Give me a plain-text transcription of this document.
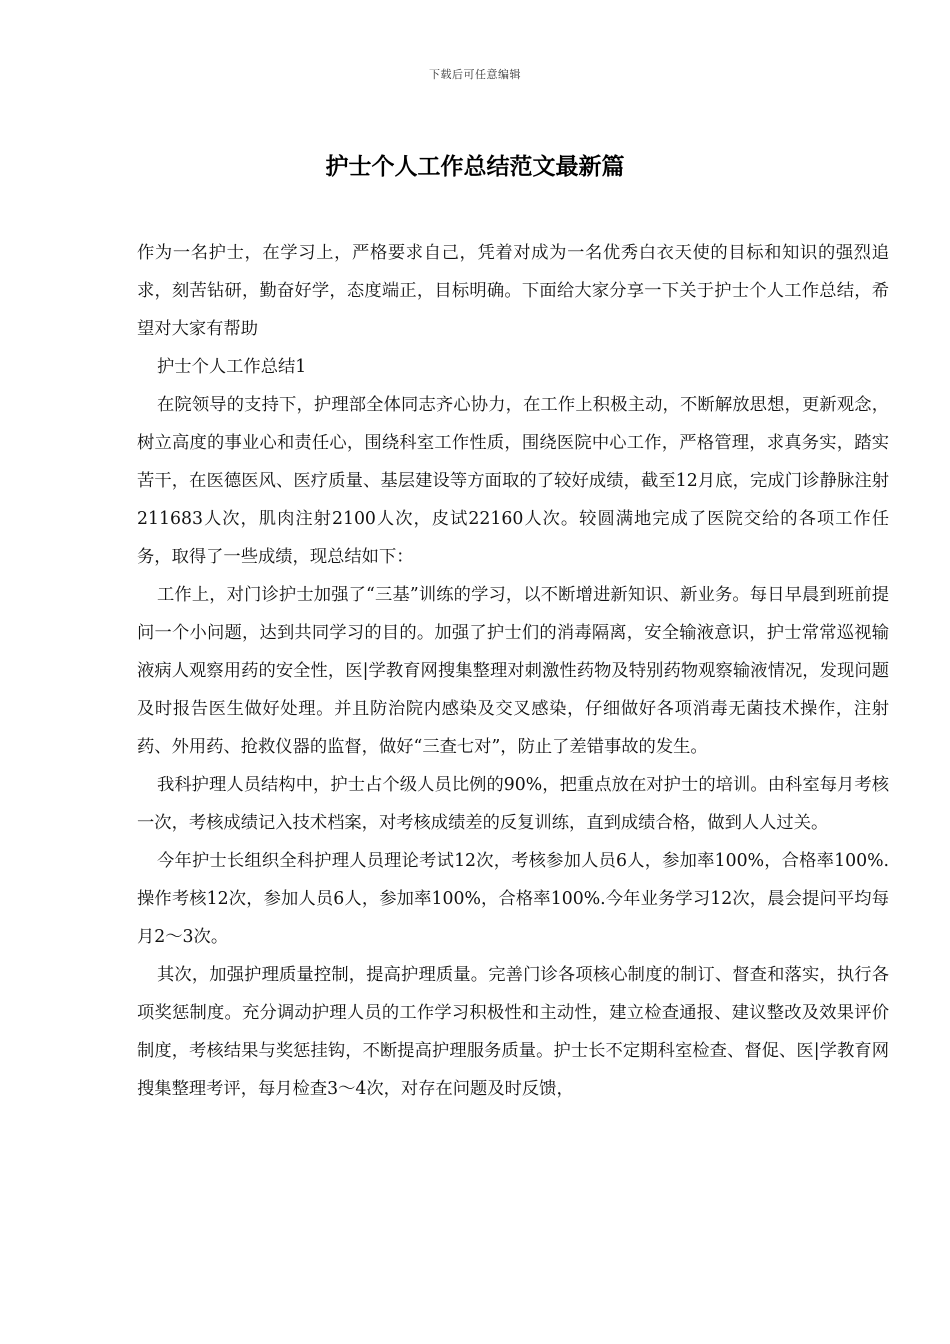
下载后可任意编辑
护士个人工作总结范文最新篇

作为一名护士，在学习上，严格要求自己，凭着对成为一名优秀白衣天使的目标和知识的强烈追求，刻苦钻研，勤奋好学，态度端正，目标明确。下面给大家分享一下关于护士个人工作总结，希望对大家有帮助

护士个人工作总结1

在院领导的支持下，护理部全体同志齐心协力，在工作上积极主动，不断解放思想，更新观念，树立高度的事业心和责任心，围绕科室工作性质，围绕医院中心工作，严格管理，求真务实，踏实苦干，在医德医风、医疗质量、基层建设等方面取的了较好成绩，截至12月底，完成门诊静脉注射211683人次，肌肉注射2100人次，皮试22160人次。较圆满地完成了医院交给的各项工作任务，取得了一些成绩，现总结如下：

工作上，对门诊护士加强了“三基”训练的学习，以不断增进新知识、新业务。每日早晨到班前提问一个小问题，达到共同学习的目的。加强了护士们的消毒隔离，安全输液意识，护士常常巡视输液病人观察用药的安全性，医|学教育网搜集整理对刺激性药物及特别药物观察输液情况，发现问题及时报告医生做好处理。并且防治院内感染及交叉感染，仔细做好各项消毒无菌技术操作，注射药、外用药、抢救仪器的监督，做好“三查七对”，防止了差错事故的发生。

我科护理人员结构中，护士占个级人员比例的90%，把重点放在对护士的培训。由科室每月考核一次，考核成绩记入技术档案，对考核成绩差的反复训练，直到成绩合格，做到人人过关。

今年护士长组织全科护理人员理论考试12次，考核参加人员6人，参加率100%，合格率100%.操作考核12次，参加人员6人，参加率100%，合格率100%.今年业务学习12次，晨会提问平均每月2～3次。

其次，加强护理质量控制，提高护理质量。完善门诊各项核心制度的制订、督查和落实，执行各项奖惩制度。充分调动护理人员的工作学习积极性和主动性，建立检查通报、建议整改及效果评价制度，考核结果与奖惩挂钩，不断提高护理服务质量。护士长不定期科室检查、督促、医|学教育网搜集整理考评，每月检查3～4次，对存在问题及时反馈，
